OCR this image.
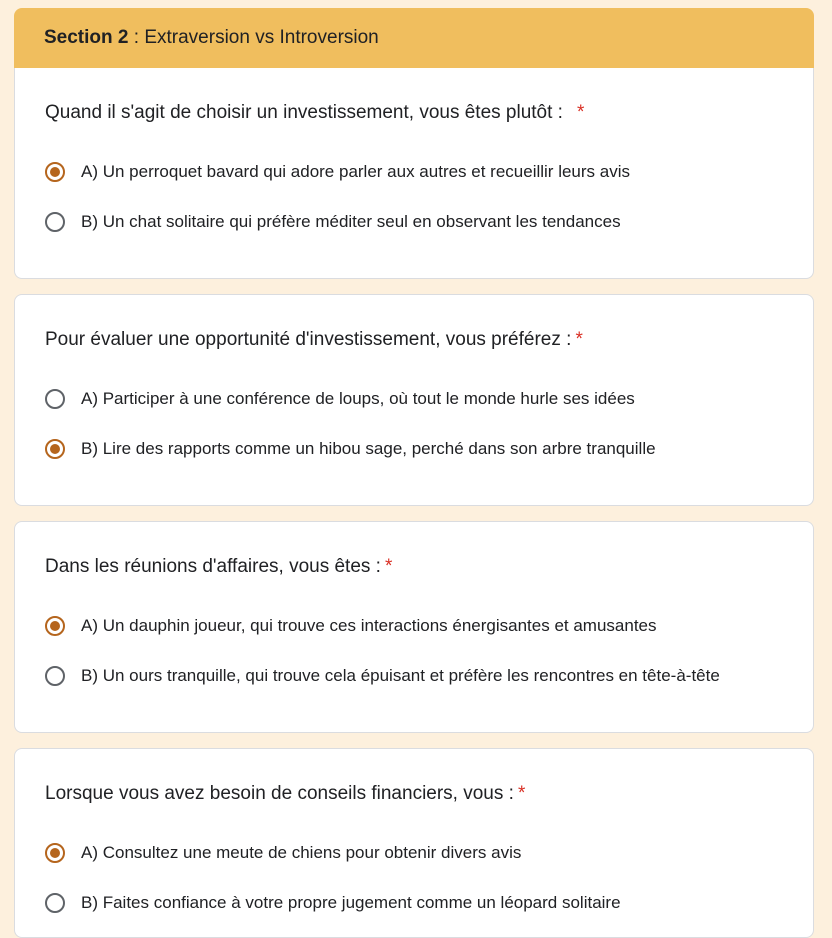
Section 2 : Extraversion vs Introversion
Quand il s'agit de choisir un investissement, vous êtes plutôt : *
A) Un perroquet bavard qui adore parler aux autres et recueillir leurs avis
B) Un chat solitaire qui préfère méditer seul en observant les tendances
Pour évaluer une opportunité d'investissement, vous préférez : *
A) Participer à une conférence de loups, où tout le monde hurle ses idées
B) Lire des rapports comme un hibou sage, perché dans son arbre tranquille
Dans les réunions d'affaires, vous êtes : *
A) Un dauphin joueur, qui trouve ces interactions énergisantes et amusantes
B) Un ours tranquille, qui trouve cela épuisant et préfère les rencontres en tête-à-tête
Lorsque vous avez besoin de conseils financiers, vous : *
A) Consultez une meute de chiens pour obtenir divers avis
B) Faites confiance à votre propre jugement comme un léopard solitaire
